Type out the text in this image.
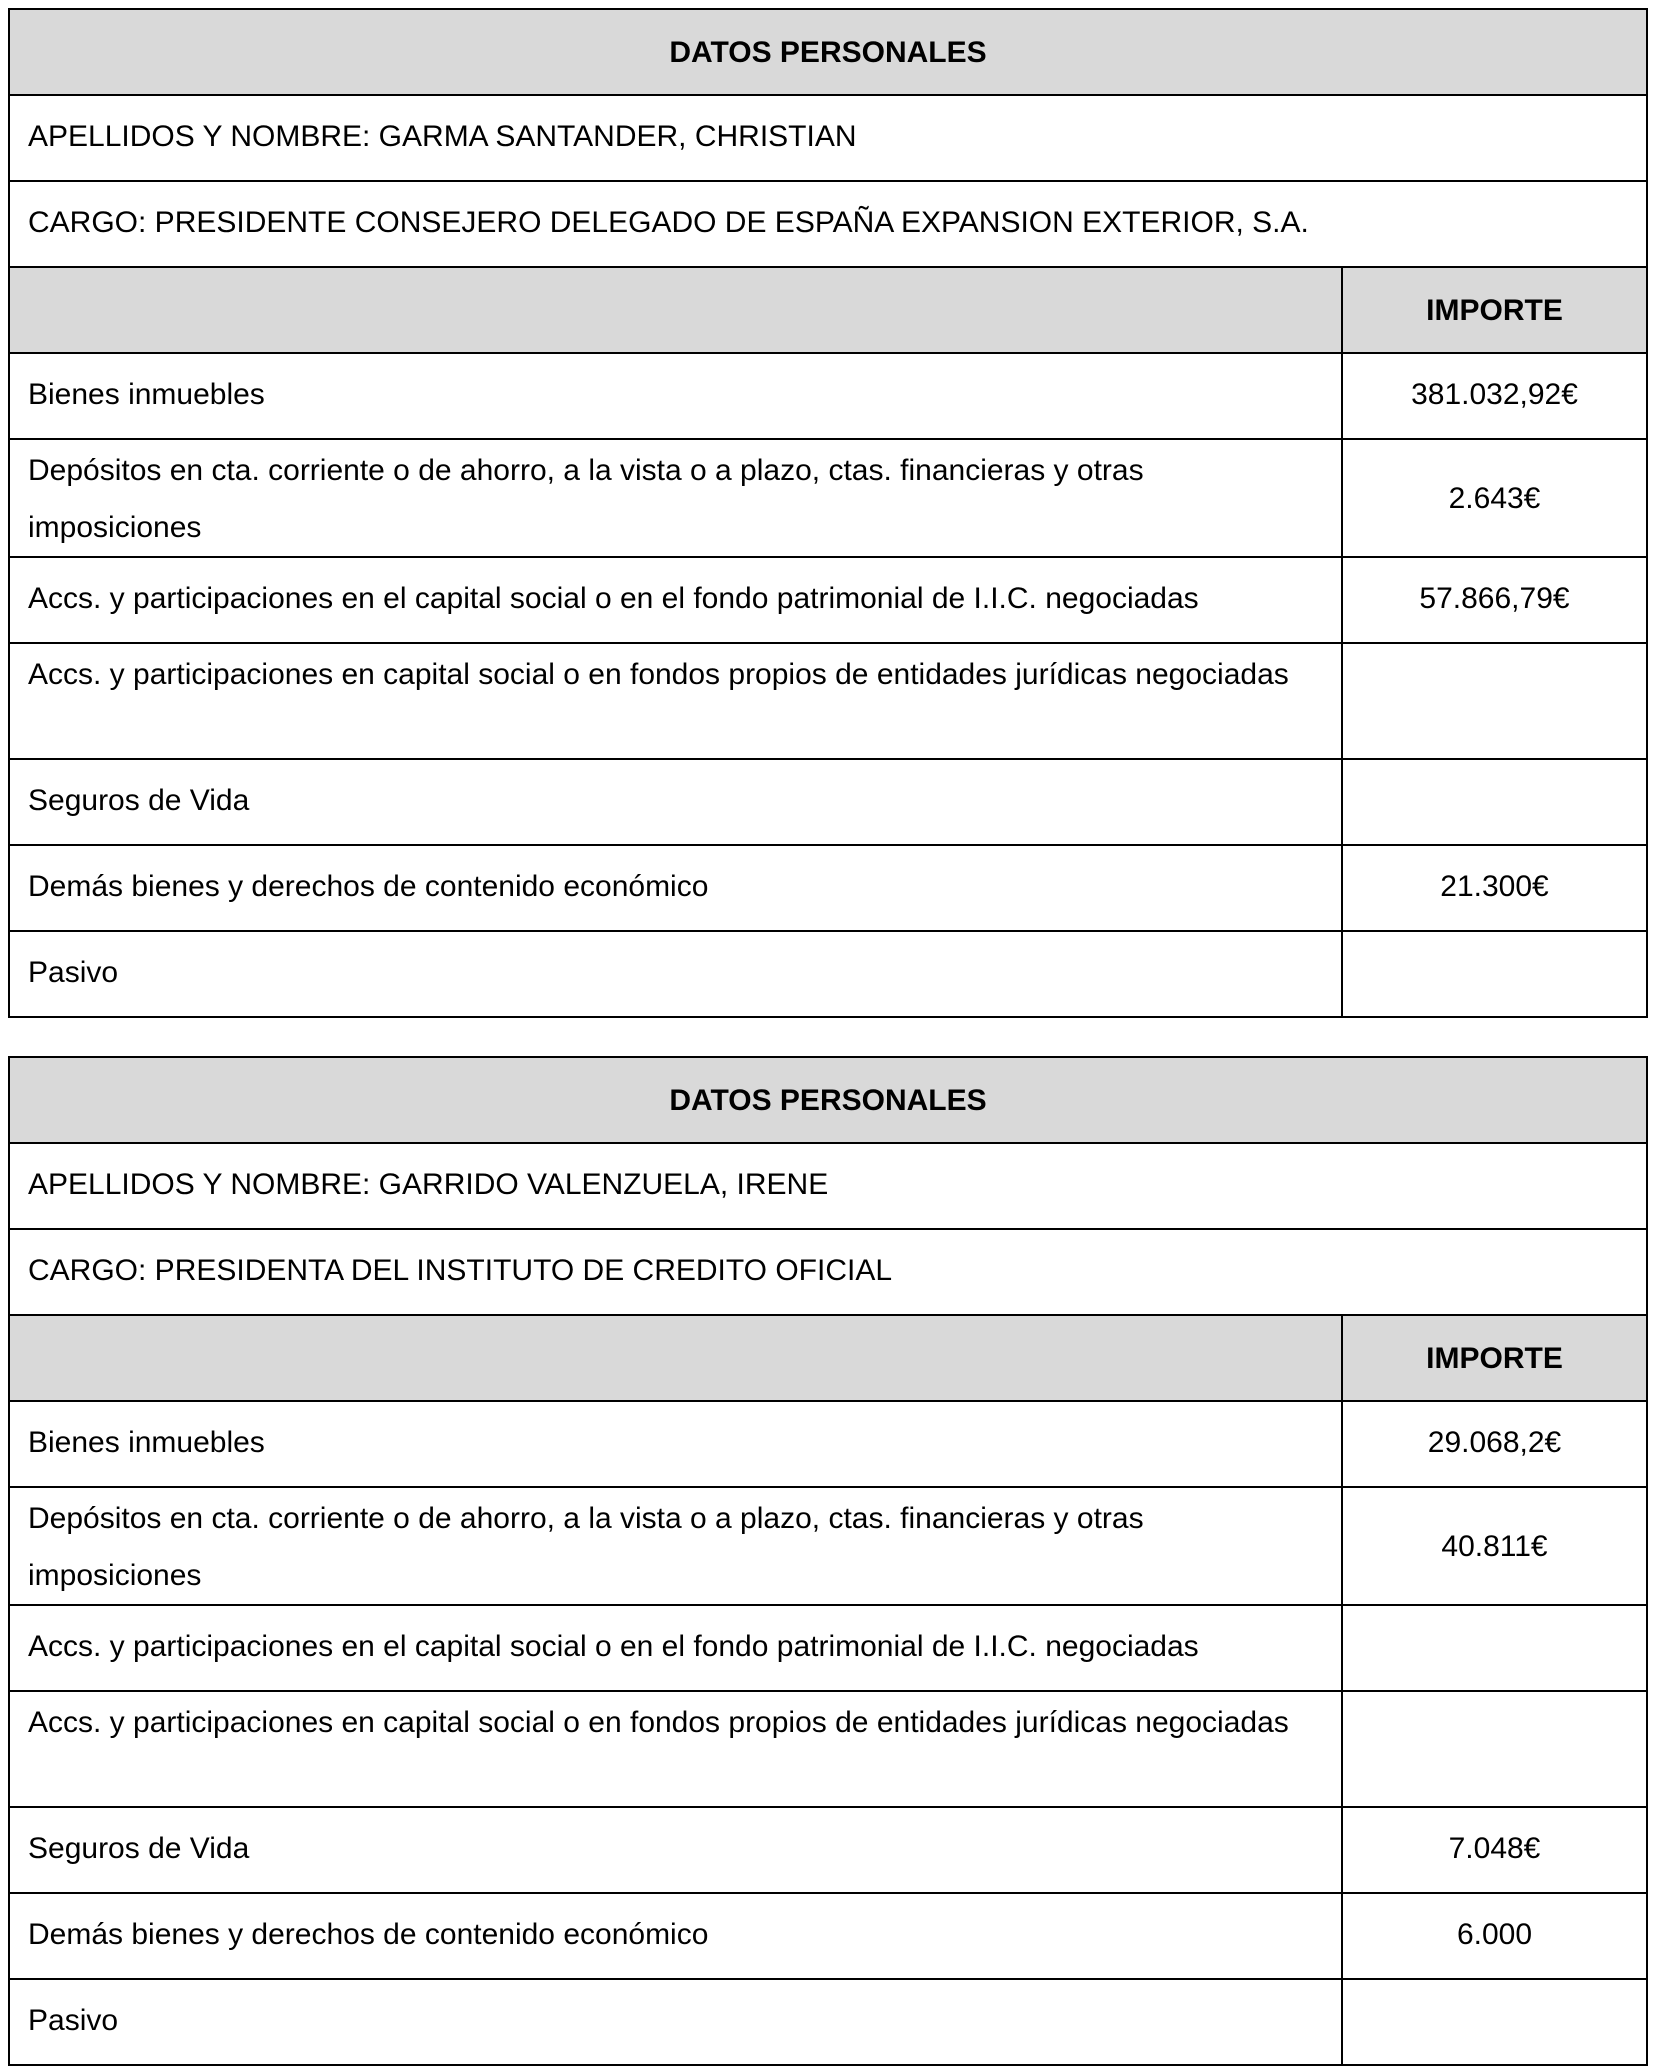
DATOS PERSONALES	
APELLIDOS Y NOMBRE: GARMA SANTANDER, CHRISTIAN	
CARGO: PRESIDENTE CONSEJERO DELEGADO DE ESPAÑA EXPANSION EXTERIOR, S.A.	
	IMPORTE
Bienes inmuebles	381.032,92€
Depósitos en cta. corriente o de ahorro, a la vista o a plazo, ctas. financieras y otras imposiciones	2.643€
Accs. y participaciones en el capital social o en el fondo patrimonial de I.I.C. negociadas	57.866,79€
Accs. y participaciones en capital social o en fondos propios de entidades jurídicas negociadas	
Seguros de Vida	
Demás bienes y derechos de contenido económico	21.300€
Pasivo	
DATOS PERSONALES	
APELLIDOS Y NOMBRE: GARRIDO VALENZUELA, IRENE	
CARGO: PRESIDENTA DEL INSTITUTO DE CREDITO OFICIAL	
	IMPORTE
Bienes inmuebles	29.068,2€
Depósitos en cta. corriente o de ahorro, a la vista o a plazo, ctas. financieras y otras imposiciones	40.811€
Accs. y participaciones en el capital social o en el fondo patrimonial de I.I.C. negociadas	
Accs. y participaciones en capital social o en fondos propios de entidades jurídicas negociadas	
Seguros de Vida	7.048€
Demás bienes y derechos de contenido económico	6.000
Pasivo	
